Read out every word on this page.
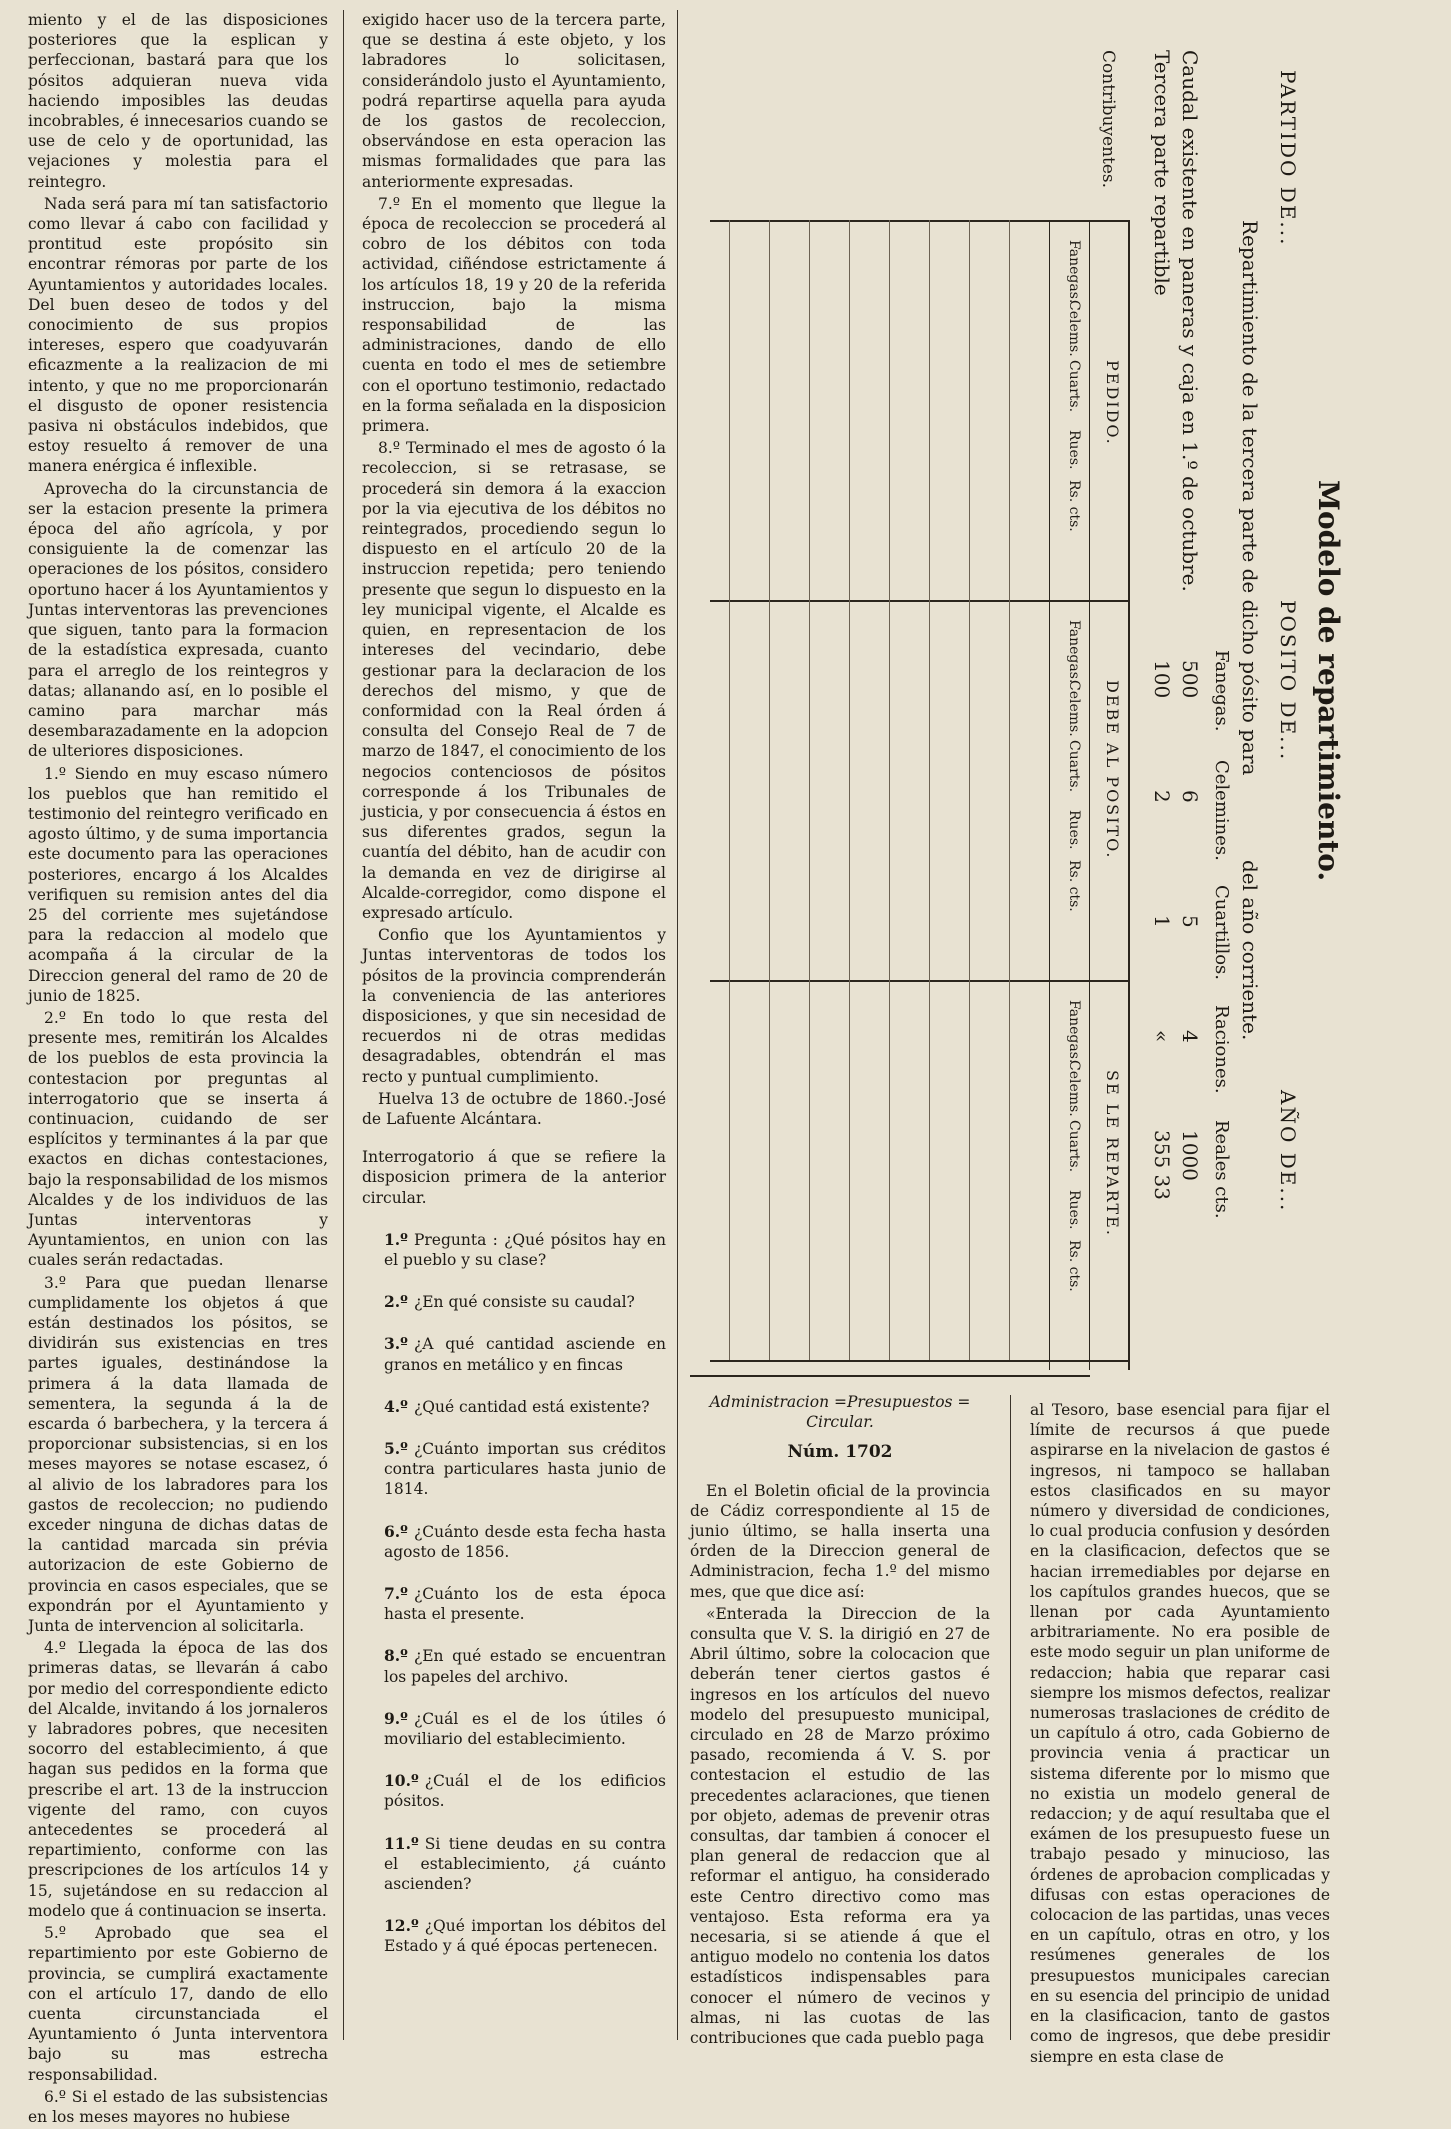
miento y el de las disposiciones posteriores que la esplican y perfeccionan, bastará para que los pósitos adquieran nueva vida haciendo imposibles las deudas incobrables, é innecesarios cuando se use de celo y de oportunidad, las vejaciones y molestia para el reintegro.

Nada será para mí tan satisfactorio como llevar á cabo con facilidad y prontitud este propósito sin encontrar rémoras por parte de los Ayuntamientos y autoridades locales. Del buen deseo de todos y del conocimiento de sus propios intereses, espero que coadyuvarán eficazmente a la realizacion de mi intento, y que no me proporcionarán el disgusto de oponer resistencia pasiva ni obstáculos indebidos, que estoy resuelto á remover de una manera enérgica é inflexible.

Aprovecha do la circunstancia de ser la estacion presente la primera época del año agrícola, y por consiguiente la de comenzar las operaciones de los pósitos, considero oportuno hacer á los Ayuntamientos y Juntas interventoras las prevenciones que siguen, tanto para la formacion de la estadística expresada, cuanto para el arreglo de los reintegros y datas; allanando así, en lo posible el camino para marchar más desembarazadamente en la adopcion de ulteriores disposiciones.

1.º Siendo en muy escaso número los pueblos que han remitido el testimonio del reintegro verificado en agosto último, y de suma importancia este documento para las operaciones posteriores, encargo á los Alcaldes verifiquen su remision antes del dia 25 del corriente mes sujetándose para la redaccion al modelo que acompaña á la circular de la Direccion general del ramo de 20 de junio de 1825.

2.º En todo lo que resta del presente mes, remitirán los Alcaldes de los pueblos de esta provincia la contestacion por preguntas al interrogatorio que se inserta á continuacion, cuidando de ser esplícitos y terminantes á la par que exactos en dichas contestaciones, bajo la responsabilidad de los mismos Alcaldes y de los individuos de las Juntas interventoras y Ayuntamientos, en union con las cuales serán redactadas.

3.º Para que puedan llenarse cumplidamente los objetos á que están destinados los pósitos, se dividirán sus existencias en tres partes iguales, destinándose la primera á la data llamada de sementera, la segunda á la de escarda ó barbechera, y la tercera á proporcionar subsistencias, si en los meses mayores se notase escasez, ó al alivio de los labradores para los gastos de recoleccion; no pudiendo exceder ninguna de dichas datas de la cantidad marcada sin prévia autorizacion de este Gobierno de provincia en casos especiales, que se expondrán por el Ayuntamiento y Junta de intervencion al solicitarla.

4.º Llegada la época de las dos primeras datas, se llevarán á cabo por medio del correspondiente edicto del Alcalde, invitando á los jornaleros y labradores pobres, que necesiten socorro del establecimiento, á que hagan sus pedidos en la forma que prescribe el art. 13 de la instruccion vigente del ramo, con cuyos antecedentes se procederá al repartimiento, conforme con las prescripciones de los artículos 14 y 15, sujetándose en su redaccion al modelo que á continuacion se inserta.

5.º Aprobado que sea el repartimiento por este Gobierno de provincia, se cumplirá exactamente con el artículo 17, dando de ello cuenta circunstanciada el Ayuntamiento ó Junta interventora bajo su mas estrecha responsabilidad.

6.º Si el estado de las subsistencias en los meses mayores no hubiese

exigido hacer uso de la tercera parte, que se destina á este objeto, y los labradores lo solicitasen, considerándolo justo el Ayuntamiento, podrá repartirse aquella para ayuda de los gastos de recoleccion, observándose en esta operacion las mismas formalidades que para las anteriormente expresadas.

7.º En el momento que llegue la época de recoleccion se procederá al cobro de los débitos con toda actividad, ciñéndose estrictamente á los artículos 18, 19 y 20 de la referida instruccion, bajo la misma responsabilidad de las administraciones, dando de ello cuenta en todo el mes de setiembre con el oportuno testimonio, redactado en la forma señalada en la disposicion primera.

8.º Terminado el mes de agosto ó la recoleccion, si se retrasase, se procederá sin demora á la exaccion por la via ejecutiva de los débitos no reintegrados, procediendo segun lo dispuesto en el artículo 20 de la instruccion repetida; pero teniendo presente que segun lo dispuesto en la ley municipal vigente, el Alcalde es quien, en representacion de los intereses del vecindario, debe gestionar para la declaracion de los derechos del mismo, y que de conformidad con la Real órden á consulta del Consejo Real de 7 de marzo de 1847, el conocimiento de los negocios contenciosos de pósitos corresponde á los Tribunales de justicia, y por consecuencia á éstos en sus diferentes grados, segun la cuantía del débito, han de acudir con la demanda en vez de dirigirse al Alcalde-corregidor, como dispone el expresado artículo.

Confio que los Ayuntamientos y Juntas interventoras de todos los pósitos de la provincia comprenderán la conveniencia de las anteriores disposiciones, y que sin necesidad de recuerdos ni de otras medidas desagradables, obtendrán el mas recto y puntual cumplimiento.

Huelva 13 de octubre de 1860.-José de Lafuente Alcántara.

Interrogatorio á que se refiere la disposicion primera de la anterior circular.

1.º Pregunta : ¿Qué pósitos hay en el pueblo y su clase?

2.º ¿En qué consiste su caudal?

3.º ¿A qué cantidad asciende en granos en metálico y en fincas

4.º ¿Qué cantidad está existente?

5.º ¿Cuánto importan sus créditos contra particulares hasta junio de 1814.

6.º ¿Cuánto desde esta fecha hasta agosto de 1856.

7.º ¿Cuánto los de esta época hasta el presente.

8.º ¿En qué estado se encuentran los papeles del archivo.

9.º ¿Cuál es el de los útiles ó moviliario del establecimiento.

10.º ¿Cuál el de los edificios pósitos.

11.º Si tiene deudas en su contra el establecimiento, ¿á cuánto ascienden?

12.º ¿Qué importan los débitos del Estado y á qué épocas pertenecen.

Modelo de repartimiento.
PARTIDO DE...
POSITO DE...
AÑO DE...
Repartimiento de la tercera parte de dicho pósito para
del año corriente.
Fanegas.
Celemines.
Cuartillos.
Raciones.
Reales cts.
Caudal existente en paneras y caja en 1.º de octubre.
500
6
5
4
1000
Tercera parte repartible
100
2
1
«
355 33
Contribuyentes.
PEDIDO.
DEBE AL POSITO.
SE LE REPARTE.
Fanegas.
Celems.
Cuarts.
Rues.
Rs. cts.
Fanegas.
Celems.
Cuarts.
Rues.
Rs. cts.
Fanegas.
Celems.
Cuarts.
Rues.
Rs. cts.

Administracion =Presupuestos = Circular.

Núm. 1702

En el Boletin oficial de la provincia de Cádiz correspondiente al 15 de junio último, se halla inserta una órden de la Direccion general de Administracion, fecha 1.º del mismo mes, que que dice así:

«Enterada la Direccion de la consulta que V. S. la dirigió en 27 de Abril último, sobre la colocacion que deberán tener ciertos gastos é ingresos en los artículos del nuevo modelo del presupuesto municipal, circulado en 28 de Marzo próximo pasado, recomienda á V. S. por contestacion el estudio de las precedentes aclaraciones, que tienen por objeto, ademas de prevenir otras consultas, dar tambien á conocer el plan general de redaccion que al reformar el antiguo, ha considerado este Centro directivo como mas ventajoso. Esta reforma era ya necesaria, si se atiende á que el antiguo modelo no contenia los datos estadísticos indispensables para conocer el número de vecinos y almas, ni las cuotas de las contribuciones que cada pueblo paga

al Tesoro, base esencial para fijar el límite de recursos á que puede aspirarse en la nivelacion de gastos é ingresos, ni tampoco se hallaban estos clasificados en su mayor número y diversidad de condiciones, lo cual producia confusion y desórden en la clasificacion, defectos que se hacian irremediables por dejarse en los capítulos grandes huecos, que se llenan por cada Ayuntamiento arbitrariamente. No era posible de este modo seguir un plan uniforme de redaccion; habia que reparar casi siempre los mismos defectos, realizar numerosas traslaciones de crédito de un capítulo á otro, cada Gobierno de provincia venia á practicar un sistema diferente por lo mismo que no existia un modelo general de redaccion; y de aquí resultaba que el exámen de los presupuesto fuese un trabajo pesado y minucioso, las órdenes de aprobacion complicadas y difusas con estas operaciones de colocacion de las partidas, unas veces en un capítulo, otras en otro, y los resúmenes generales de los presupuestos municipales carecian en su esencia del principio de unidad en la clasificacion, tanto de gastos como de ingresos, que debe presidir siempre en esta clase de
